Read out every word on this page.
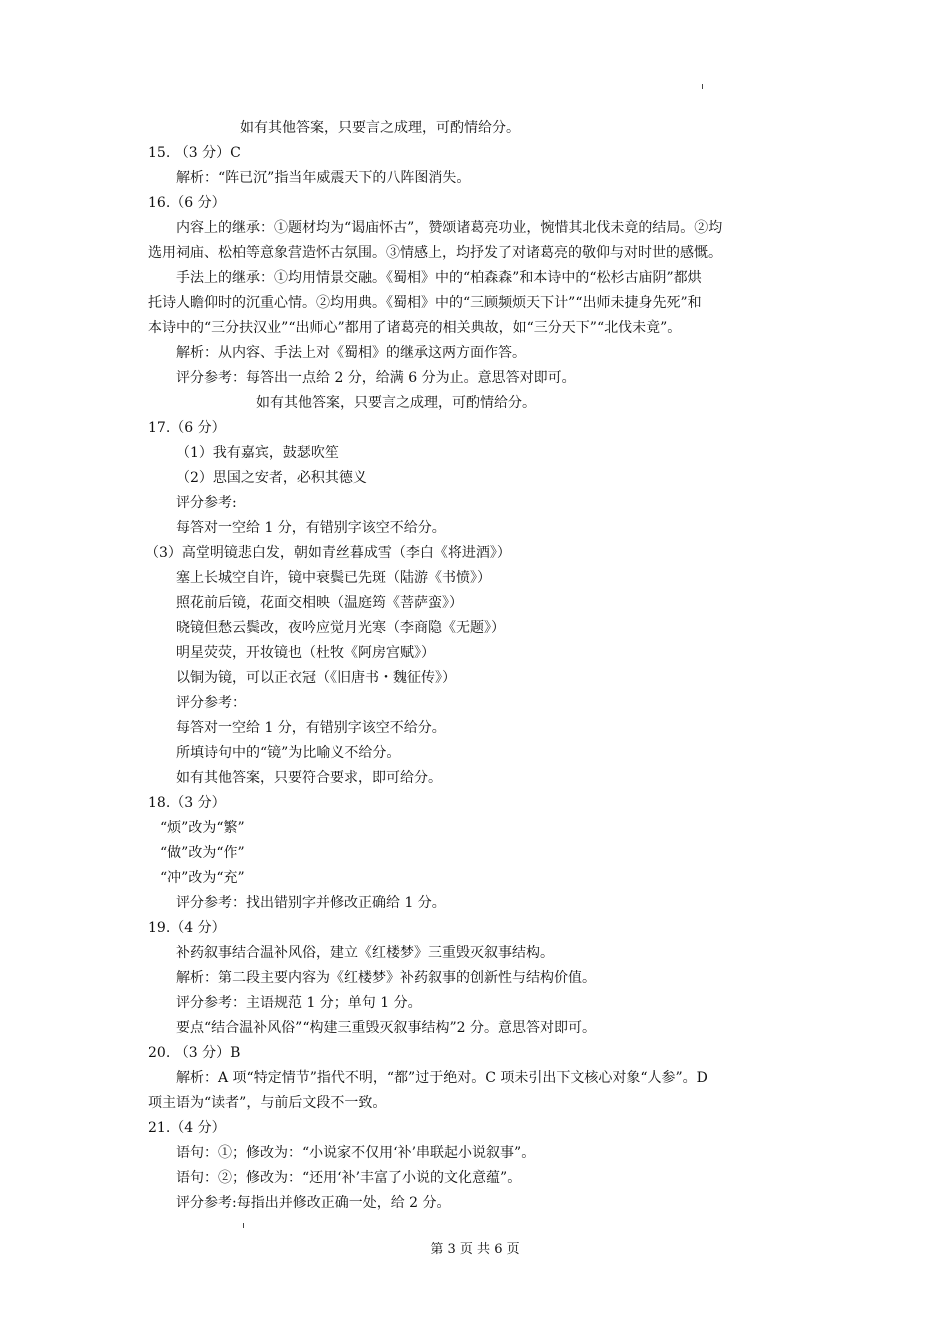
如有其他答案，只要言之成理，可酌情给分。
15. （3 分）C
解析：“阵已沉”指当年威震天下的八阵图消失。
16.（6 分）
内容上的继承：①题材均为“谒庙怀古”，赞颂诸葛亮功业，惋惜其北伐未竟的结局。②均
选用祠庙、松柏等意象营造怀古氛围。③情感上，均抒发了对诸葛亮的敬仰与对时世的感慨。
手法上的继承：①均用情景交融。《蜀相》中的“柏森森”和本诗中的“松杉古庙阴”都烘
托诗人瞻仰时的沉重心情。②均用典。《蜀相》中的“三顾频烦天下计”“出师未捷身先死”和
本诗中的“三分扶汉业”“出师心”都用了诸葛亮的相关典故，如“三分天下”“北伐未竟”。
解析：从内容、手法上对《蜀相》的继承这两方面作答。
评分参考：每答出一点给 2 分，给满 6 分为止。意思答对即可。
如有其他答案，只要言之成理，可酌情给分。
17.（6 分）
（1）我有嘉宾，鼓瑟吹笙
（2）思国之安者，必积其德义
评分参考:
每答对一空给 1 分，有错别字该空不给分。
（3）高堂明镜悲白发，朝如青丝暮成雪（李白《将进酒》）
塞上长城空自许，镜中衰鬓已先斑（陆游《书愤》）
照花前后镜，花面交相映（温庭筠《菩萨蛮》）
晓镜但愁云鬓改，夜吟应觉月光寒（李商隐《无题》）
明星荧荧，开妆镜也（杜牧《阿房宫赋》）
以铜为镜，可以正衣冠（《旧唐书・魏征传》）
评分参考：
每答对一空给 1 分，有错别字该空不给分。
所填诗句中的“镜”为比喻义不给分。
如有其他答案，只要符合要求，即可给分。
18.（3 分）
“烦”改为“繁”
“做”改为“作”
“冲”改为“充”
评分参考：找出错别字并修改正确给 1 分。
19.（4 分）
补药叙事结合温补风俗，建立《红楼梦》三重毁灭叙事结构。
解析：第二段主要内容为《红楼梦》补药叙事的创新性与结构价值。
评分参考：主语规范 1 分；单句 1 分。
要点“结合温补风俗”“构建三重毁灭叙事结构”2 分。意思答对即可。
20. （3 分）B
解析：A 项“特定情节”指代不明，“都”过于绝对。C 项未引出下文核心对象“人参”。D
项主语为“读者”，与前后文段不一致。
21.（4 分）
语句：①；修改为：“小说家不仅用‘补’串联起小说叙事”。
语句：②；修改为：“还用‘补’丰富了小说的文化意蕴”。
评分参考:每指出并修改正确一处，给 2 分。
第 3 页 共 6 页
